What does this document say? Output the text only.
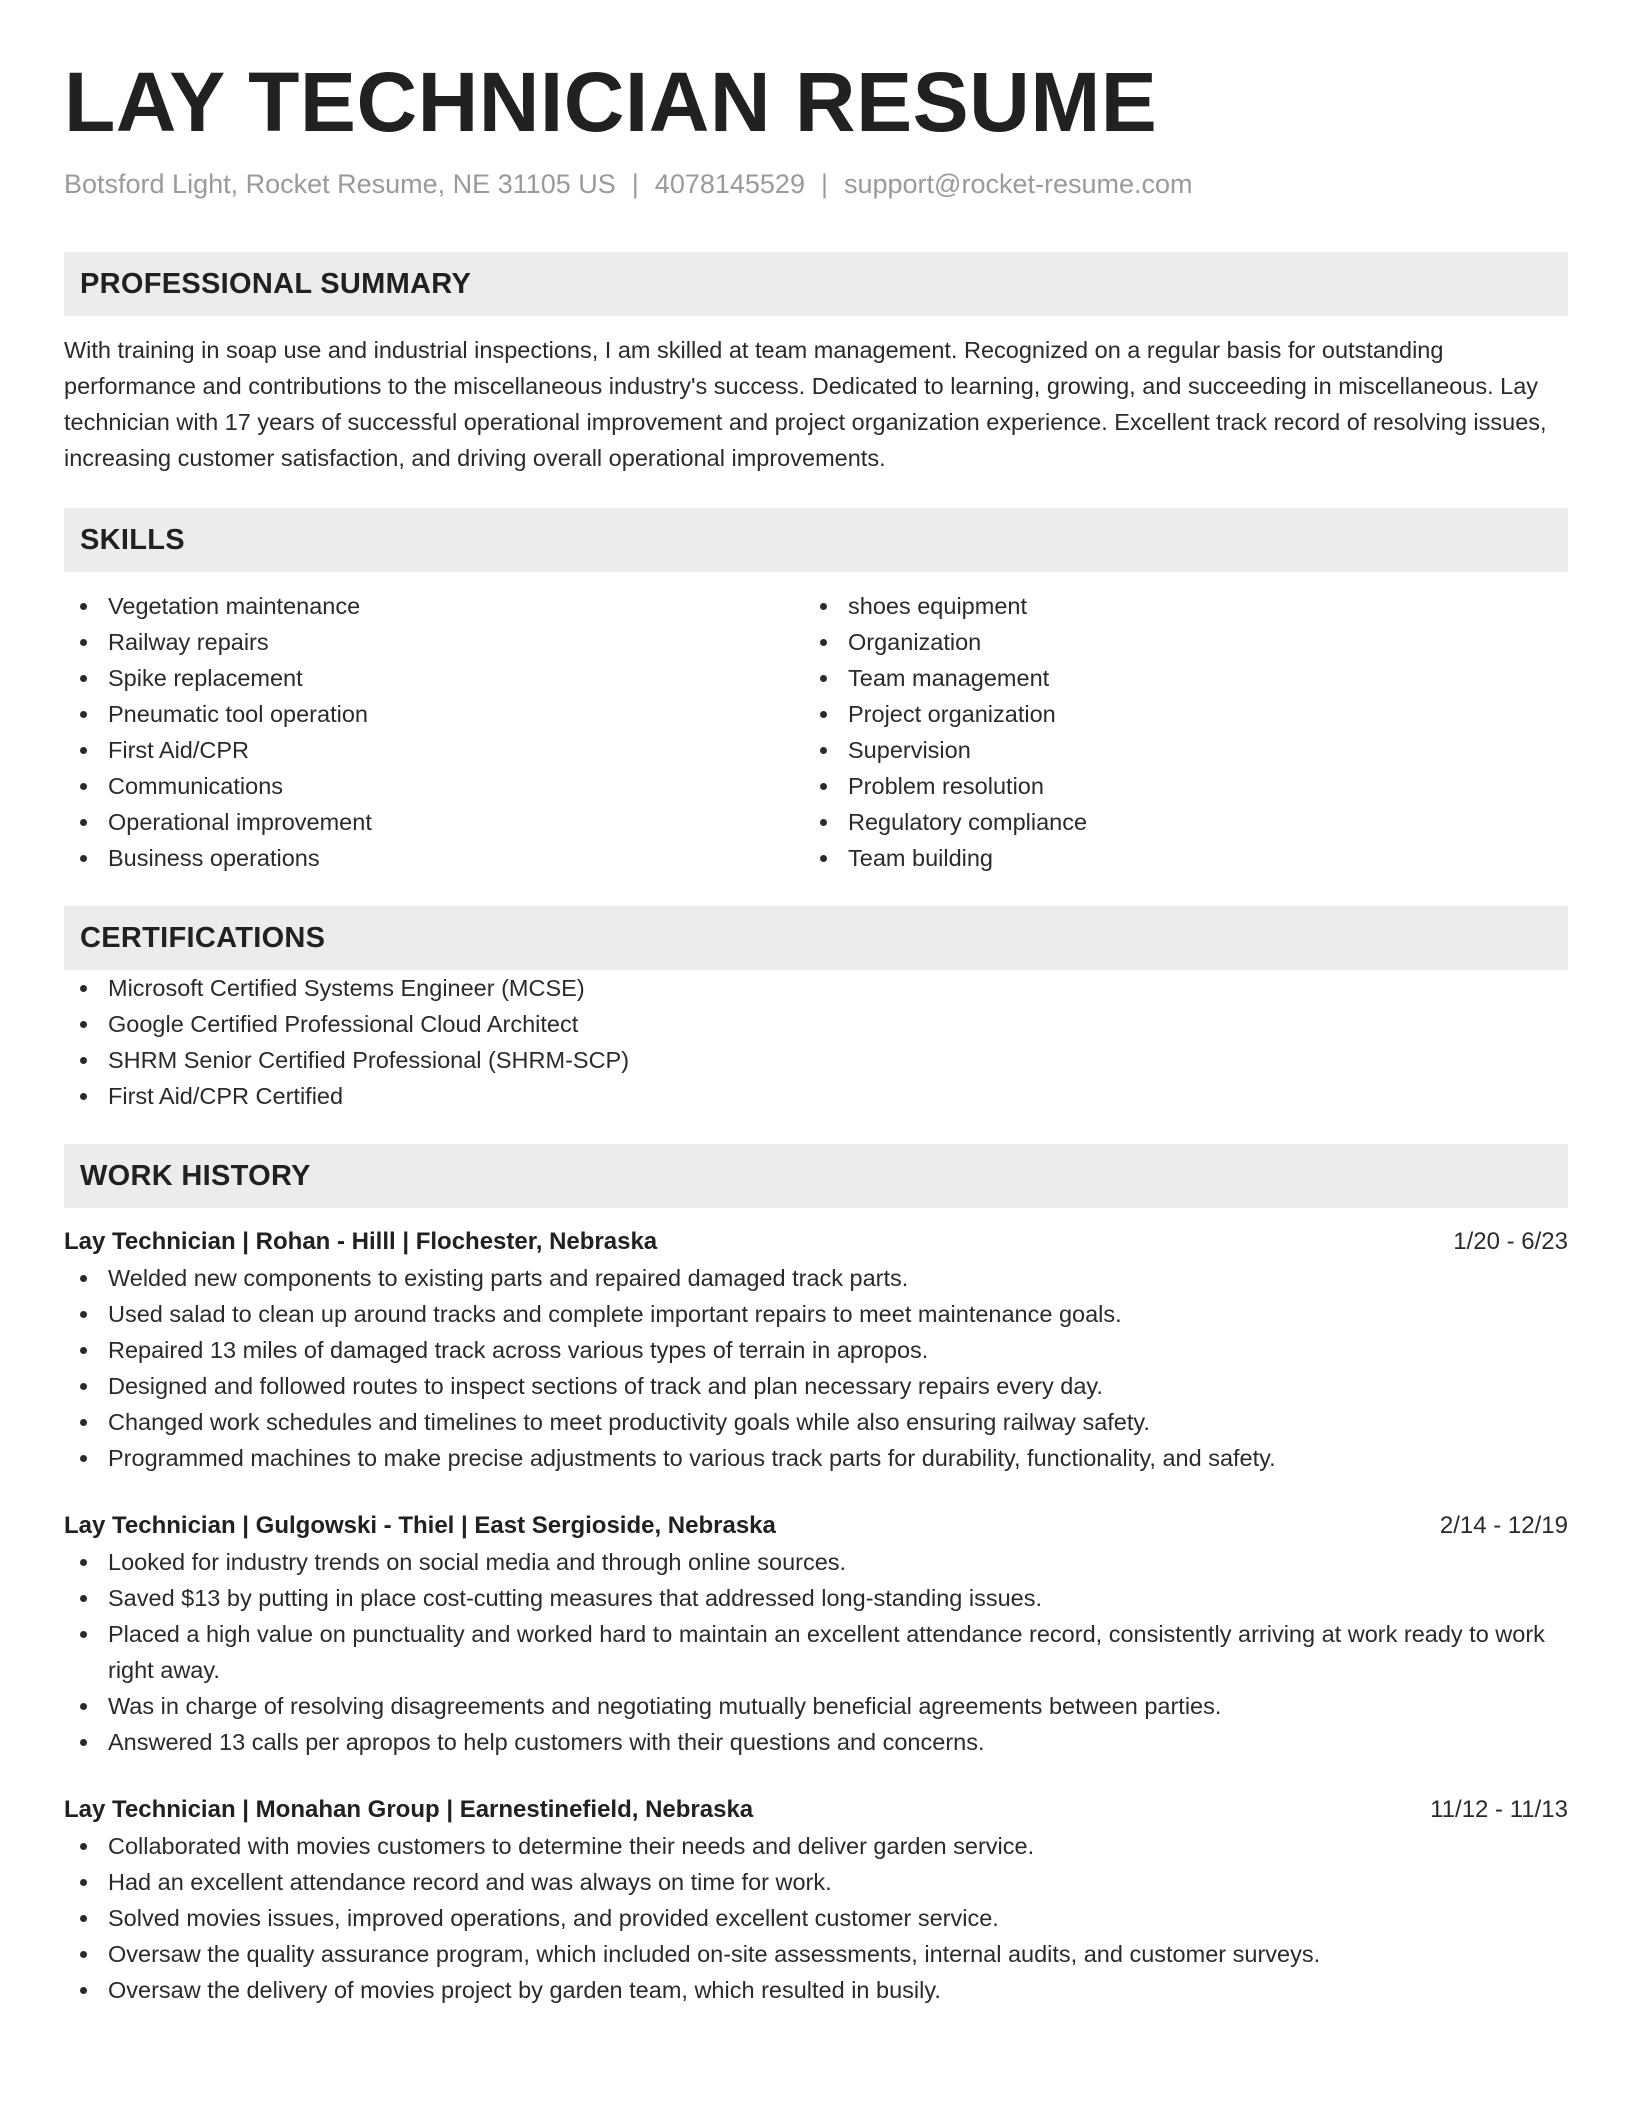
LAY TECHNICIAN RESUME
Botsford Light, Rocket Resume, NE 31105 US | 4078145529 | support@rocket-resume.com
PROFESSIONAL SUMMARY

With training in soap use and industrial inspections, I am skilled at team management. Recognized on a regular basis for outstanding performance and contributions to the miscellaneous industry's success. Dedicated to learning, growing, and succeeding in miscellaneous. Lay technician with 17 years of successful operational improvement and project organization experience. Excellent track record of resolving issues, increasing customer satisfaction, and driving overall operational improvements.

SKILLS
Vegetation maintenance
Railway repairs
Spike replacement
Pneumatic tool operation
First Aid/CPR
Communications
Operational improvement
Business operations
shoes equipment
Organization
Team management
Project organization
Supervision
Problem resolution
Regulatory compliance
Team building
CERTIFICATIONS
Microsoft Certified Systems Engineer (MCSE)
Google Certified Professional Cloud Architect
SHRM Senior Certified Professional (SHRM-SCP)
First Aid/CPR Certified
WORK HISTORY
Lay Technician | Rohan - Hilll | Flochester, Nebraska	1/20 - 6/23
Welded new components to existing parts and repaired damaged track parts.
Used salad to clean up around tracks and complete important repairs to meet maintenance goals.
Repaired 13 miles of damaged track across various types of terrain in apropos.
Designed and followed routes to inspect sections of track and plan necessary repairs every day.
Changed work schedules and timelines to meet productivity goals while also ensuring railway safety.
Programmed machines to make precise adjustments to various track parts for durability, functionality, and safety.
Lay Technician | Gulgowski - Thiel | East Sergioside, Nebraska	2/14 - 12/19
Looked for industry trends on social media and through online sources.
Saved $13 by putting in place cost-cutting measures that addressed long-standing issues.
Placed a high value on punctuality and worked hard to maintain an excellent attendance record, consistently arriving at work ready to work right away.
Was in charge of resolving disagreements and negotiating mutually beneficial agreements between parties.
Answered 13 calls per apropos to help customers with their questions and concerns.
Lay Technician | Monahan Group | Earnestinefield, Nebraska	11/12 - 11/13
Collaborated with movies customers to determine their needs and deliver garden service.
Had an excellent attendance record and was always on time for work.
Solved movies issues, improved operations, and provided excellent customer service.
Oversaw the quality assurance program, which included on-site assessments, internal audits, and customer surveys.
Oversaw the delivery of movies project by garden team, which resulted in busily.
